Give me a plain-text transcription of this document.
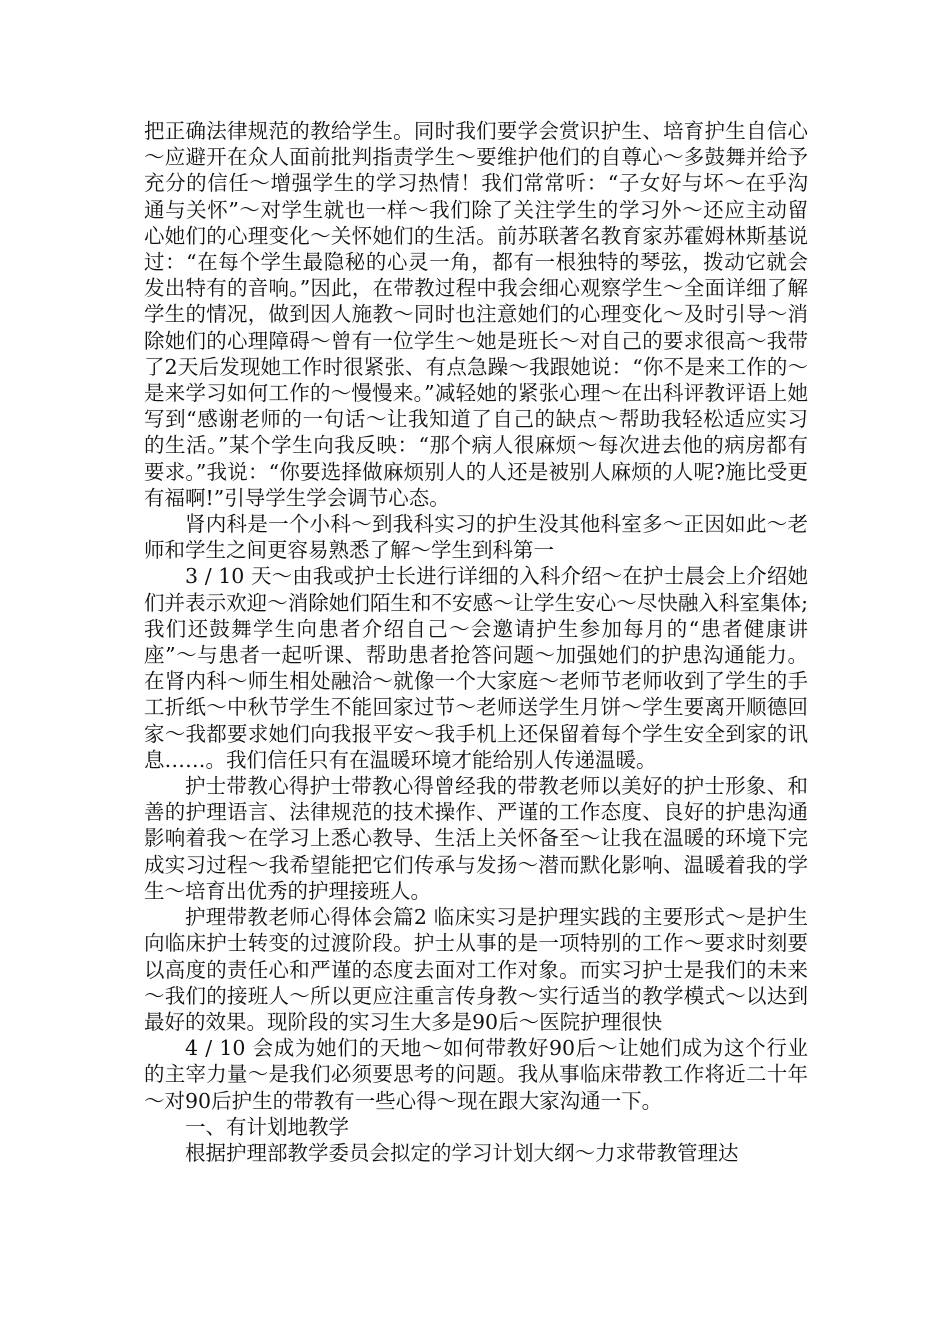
把正确法律规范的教给学生。同时我们要学会赏识护生、培育护生自信心～应避开在众人面前批判指责学生～要维护他们的自尊心～多鼓舞并给予充分的信任～增强学生的学习热情！我们常常听：“子女好与坏～在乎沟通与关怀”～对学生就也一样～我们除了关注学生的学习外～还应主动留心她们的心理变化～关怀她们的生活。前苏联著名教育家苏霍姆林斯基说过：“在每个学生最隐秘的心灵一角，都有一根独特的琴弦，拨动它就会发出特有的音响。”因此，在带教过程中我会细心观察学生～全面详细了解学生的情况，做到因人施教～同时也注意她们的心理变化～及时引导～消除她们的心理障碍～曾有一位学生～她是班长～对自己的要求很高～我带了2天后发现她工作时很紧张、有点急躁～我跟她说：“你不是来工作的～是来学习如何工作的～慢慢来。”减轻她的紧张心理～在出科评教评语上她写到“感谢老师的一句话～让我知道了自己的缺点～帮助我轻松适应实习的生活。”某个学生向我反映：“那个病人很麻烦～每次进去他的病房都有要求。”我说：“你要选择做麻烦别人的人还是被别人麻烦的人呢?施比受更有福啊!”引导学生学会调节心态。

肾内科是一个小科～到我科实习的护生没其他科室多～正因如此～老师和学生之间更容易熟悉了解～学生到科第一

3 / 10 天～由我或护士长进行详细的入科介绍～在护士晨会上介绍她们并表示欢迎～消除她们陌生和不安感～让学生安心～尽快融入科室集体;我们还鼓舞学生向患者介绍自己～会邀请护生参加每月的“患者健康讲座”～与患者一起听课、帮助患者抢答问题～加强她们的护患沟通能力。在肾内科～师生相处融洽～就像一个大家庭～老师节老师收到了学生的手工折纸～中秋节学生不能回家过节～老师送学生月饼～学生要离开顺德回家～我都要求她们向我报平安～我手机上还保留着每个学生安全到家的讯息……。我们信任只有在温暖环境才能给别人传递温暖。

护士带教心得护士带教心得曾经我的带教老师以美好的护士形象、和善的护理语言、法律规范的技术操作、严谨的工作态度、良好的护患沟通影响着我～在学习上悉心教导、生活上关怀备至～让我在温暖的环境下完成实习过程～我希望能把它们传承与发扬～潜而默化影响、温暖着我的学生～培育出优秀的护理接班人。

护理带教老师心得体会篇2 临床实习是护理实践的主要形式～是护生向临床护士转变的过渡阶段。护士从事的是一项特别的工作～要求时刻要以高度的责任心和严谨的态度去面对工作对象。而实习护士是我们的未来～我们的接班人～所以更应注重言传身教～实行适当的教学模式～以达到最好的效果。现阶段的实习生大多是90后～医院护理很快

4 / 10 会成为她们的天地～如何带教好90后～让她们成为这个行业的主宰力量～是我们必须要思考的问题。我从事临床带教工作将近二十年～对90后护生的带教有一些心得～现在跟大家沟通一下。

一、有计划地教学

根据护理部教学委员会拟定的学习计划大纲～力求带教管理达
